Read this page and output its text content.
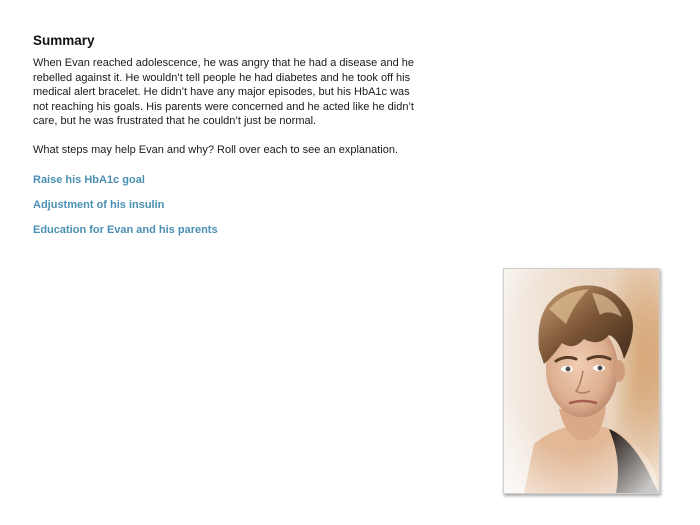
Summary

When Evan reached adolescence, he was angry that he had a disease and he rebelled against it. He wouldn’t tell people he had diabetes and he took off his medical alert bracelet. He didn’t have any major episodes, but his HbA1c was not reaching his goals. His parents were concerned and he acted like he didn’t care, but he was frustrated that he couldn’t just be normal.

What steps may help Evan and why? Roll over each to see an explanation.

Raise his HbA1c goal
Adjustment of his insulin
Education for Evan and his parents
